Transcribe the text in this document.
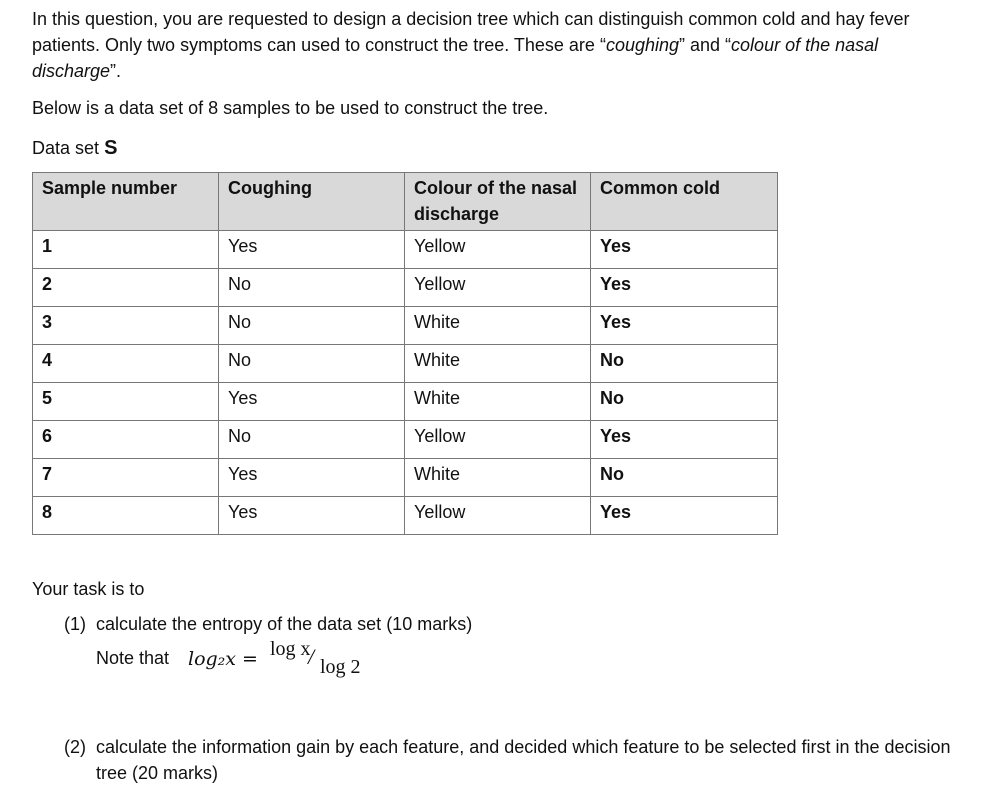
In this question, you are requested to design a decision tree which can distinguish common cold and hay fever patients. Only two symptoms can used to construct the tree. These are “coughing” and “colour of the nasal discharge”.

Below is a data set of 8 samples to be used to construct the tree.

Data set S

Sample number	Coughing	Colour of the nasal discharge	Common cold
1	Yes	Yellow	Yes
2	No	Yellow	Yes
3	No	White	Yes
4	No	White	No
5	Yes	White	No
6	No	Yellow	Yes
7	Yes	White	No
8	Yes	Yellow	Yes

Your task is to

(1) calculate the entropy of the data set (10 marks)
Note that log₂x = log x
/ log 2
(2) calculate the information gain by each feature, and decided which feature to be selected first in the decision tree (20 marks)
